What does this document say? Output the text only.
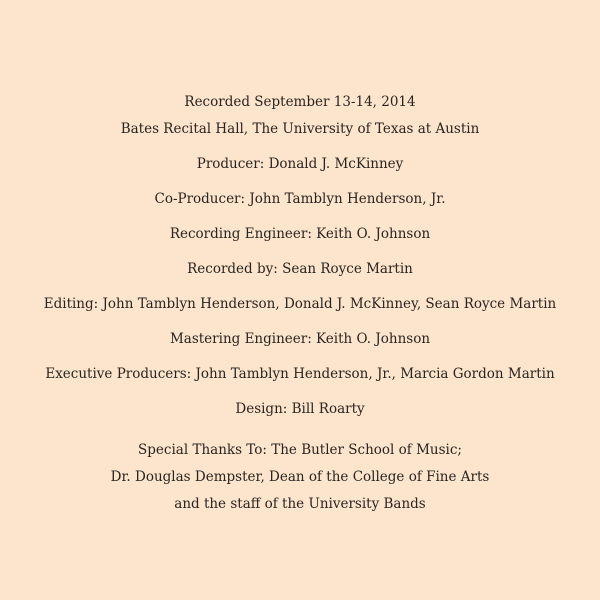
Recorded September 13-14, 2014
Bates Recital Hall, The University of Texas at Austin
Producer: Donald J. McKinney
Co-Producer: John Tamblyn Henderson, Jr.
Recording Engineer: Keith O. Johnson
Recorded by: Sean Royce Martin
Editing: John Tamblyn Henderson, Donald J. McKinney, Sean Royce Martin
Mastering Engineer: Keith O. Johnson
Executive Producers: John Tamblyn Henderson, Jr., Marcia Gordon Martin
Design: Bill Roarty
Special Thanks To: The Butler School of Music;
Dr. Douglas Dempster, Dean of the College of Fine Arts
and the staff of the University Bands
